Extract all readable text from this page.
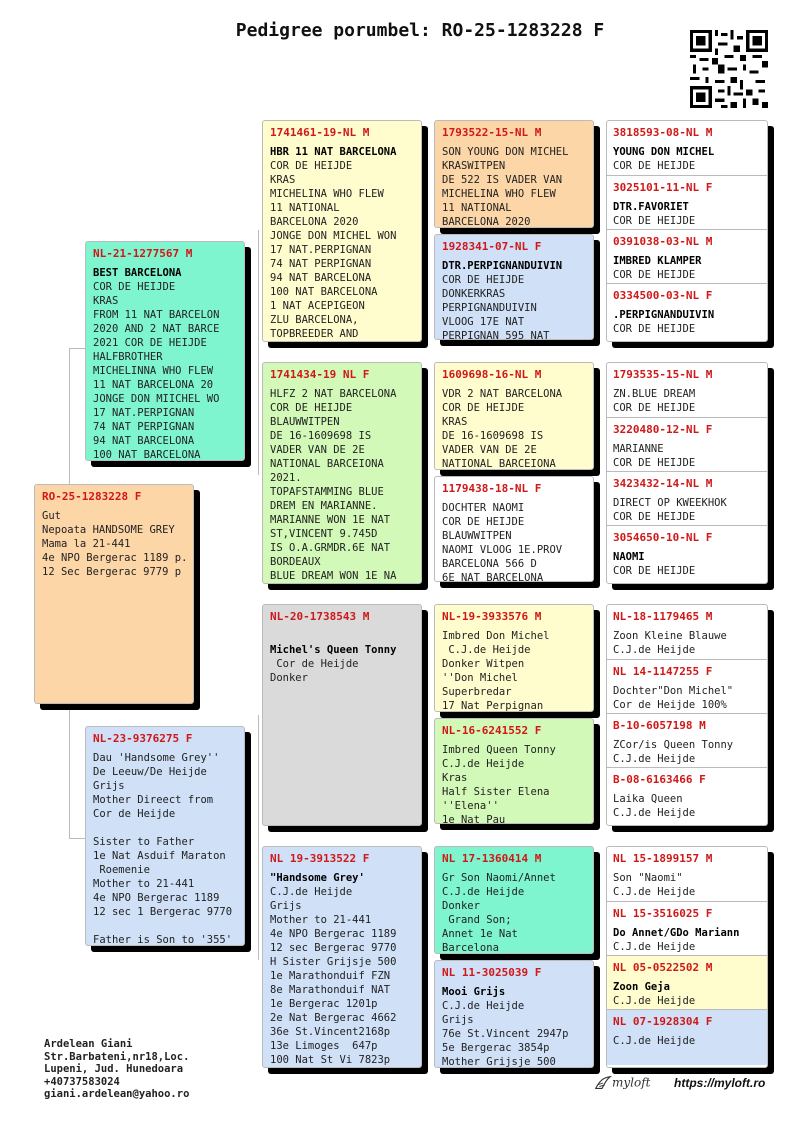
Pedigree porumbel: RO-25-1283228 F
RO-25-1283228 F
Gut
Nepoata HANDSOME GREY
Mama la 21-441
4e NPO Bergerac 1189 p.
12 Sec Bergerac 9779 p
NL-21-1277567 M
BEST BARCELONA
COR DE HEIJDE
KRAS
FROM 11 NAT BARCELON
2020 AND 2 NAT BARCE
2021 COR DE HEIJDE
HALFBROTHER
MICHELINNA WHO FLEW
11 NAT BARCELONA 20
JONGE DON MIICHEL WO
17 NAT.PERPIGNAN
74 NAT PERPIGNAN
94 NAT BARCELONA
100 NAT BARCELONA
NL-23-9376275 F
Dau 'Handsome Grey''
De Leeuw/De Heijde
Grijs
Mother Direect from
Cor de Heijde

Sister to Father
1e Nat Asduif Maraton
Roemenie
Mother to 21-441
4e NPO Bergerac 1189
12 sec 1 Bergerac 9770

Father is Son to '355'
1741461-19-NL M
HBR 11 NAT BARCELONA
COR DE HEIJDE
KRAS
MICHELINA WHO FLEW
11 NATIONAL
BARCELONA 2020
JONGE DON MICHEL WON
17 NAT.PERPIGNAN
74 NAT PERPIGNAN
94 NAT BARCELONA
100 NAT BARCELONA
1 NAT ACEPIGEON
ZLU BARCELONA,
TOPBREEDER AND
1741434-19 NL F
HLFZ 2 NAT BARCELONA
COR DE HEIJDE
BLAUWWITPEN
DE 16-1609698 IS
VADER VAN DE 2E
NATIONAL BARCEIONA
2021.
TOPAFSTAMMING BLUE
DREM EN MARIANNE.
MARIANNE WON 1E NAT
ST,VINCENT 9.745D
IS O.A.GRMDR.6E NAT
BORDEAUX
BLUE DREAM WON 1E NA
NL-20-1738543 M

Michel's Queen Tonny
Cor de Heijde
Donker
NL 19-3913522 F
"Handsome Grey'
C.J.de Heijde
Grijs
Mother to 21-441
4e NPO Bergerac 1189
12 sec Bergerac 9770
H Sister Grijsje 500
1e Marathonduif FZN
8e Marathonduif NAT
1e Bergerac 1201p
2e Nat Bergerac 4662
36e St.Vincent2168p
13e Limoges  647p
100 Nat St Vi 7823p
1793522-15-NL M
SON YOUNG DON MICHEL
KRASWITPEN
DE 522 IS VADER VAN
MICHELINA WHO FLEW
11 NATIONAL
BARCELONA 2020
1928341-07-NL F
DTR.PERPIGNANDUIVIN
COR DE HEIJDE
DONKERKRAS
PERPIGNANDUIVIN
VLOOG 17E NAT
PERPIGNAN 595 NAT
1609698-16-NL M
VDR 2 NAT BARCELONA
COR DE HEIJDE
KRAS
DE 16-1609698 IS
VADER VAN DE 2E
NATIONAL BARCEIONA
1179438-18-NL F
DOCHTER NAOMI
COR DE HEIJDE
BLAUWWITPEN
NAOMI VLOOG 1E.PROV
BARCELONA 566 D
6E NAT BARCELONA
NL-19-3933576 M
Imbred Don Michel
C.J.de Heijde
Donker Witpen
''Don Michel
Superbredar
17 Nat Perpignan
NL-16-6241552 F
Imbred Queen Tonny
C.J.de Heijde
Kras
Half Sister Elena
''Elena''
1e Nat Pau
NL 17-1360414 M
Gr Son Naomi/Annet
C.J.de Heijde
Donker
Grand Son;
Annet 1e Nat
Barcelona
NL 11-3025039 F
Mooi Grijs
C.J.de Heijde
Grijs
76e St.Vincent 2947p
5e Bergerac 3854p
Mother Grijsje 500
3818593-08-NL M
YOUNG DON MICHEL
COR DE HEIJDE
3025101-11-NL F
DTR.FAVORIET
COR DE HEIJDE
0391038-03-NL M
IMBRED KLAMPER
COR DE HEIJDE
0334500-03-NL F
.PERPIGNANDUIVIN
COR DE HEIJDE
1793535-15-NL M
ZN.BLUE DREAM
COR DE HEIJDE
3220480-12-NL F
MARIANNE
COR DE HEIJDE
3423432-14-NL M
DIRECT OP KWEEKHOK
COR DE HEIJDE
3054650-10-NL F
NAOMI
COR DE HEIJDE
NL-18-1179465 M
Zoon Kleine Blauwe
C.J.de Heijde
NL 14-1147255 F
Dochter"Don Michel"
Cor de Heijde 100%
B-10-6057198 M
ZCor/is Queen Tonny
C.J.de Heijde
B-08-6163466 F
Laika Queen
C.J.de Heijde
NL 15-1899157 M
Son "Naomi"
C.J.de Heijde
NL 15-3516025 F
Do Annet/GDo Mariann
C.J.de Heijde
NL 05-0522502 M
Zoon Geja
C.J.de Heijde
NL 07-1928304 F
C.J.de Heijde
Ardelean Giani
Str.Barbateni,nr18,Loc.
Lupeni, Jud. Hunedoara
+40737583024
giani.ardelean@yahoo.ro
myloft https://myloft.ro
